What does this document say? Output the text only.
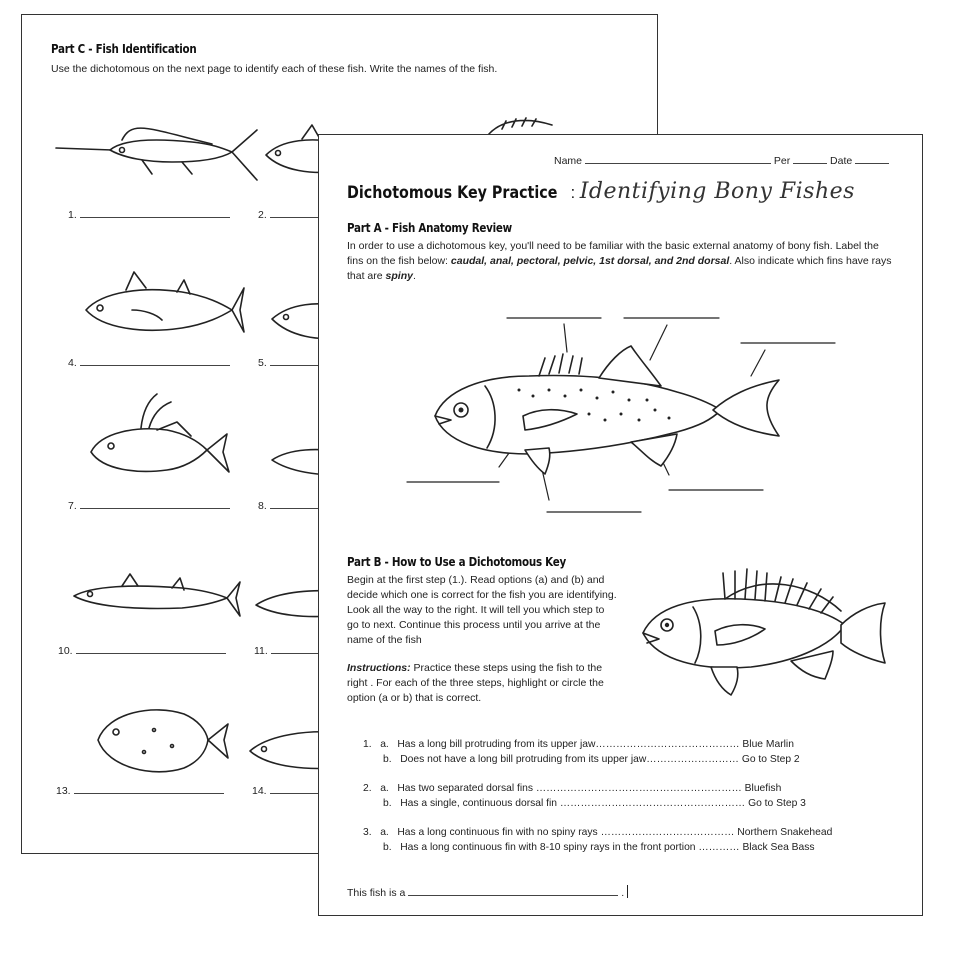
Part C - Fish Identification
Use the dichotomous on the next page to identify each of these fish. Write the names of the fish.
1.	2.
4.	5.
7.	8.
10.	11.
13.	14.
Name	Per	Date
Dichotomous Key Practice : Identifying Bony Fishes
Part A - Fish Anatomy Review
In order to use a dichotomous key, you'll need to be familiar with the basic external anatomy of bony fish. Label the fins on the fish below: caudal, anal, pectoral, pelvic, 1st dorsal, and 2nd dorsal. Also indicate which fins have rays that are spiny.
Part B - How to Use a Dichotomous Key
Begin at the first step (1.). Read options (a) and (b) and decide which one is correct for the fish you are identifying. Look all the way to the right. It will tell you which step to go to next. Continue this process until you arrive at the name of the fish
Instructions: Practice these steps using the fish to the right . For each of the three steps, highlight or circle the option (a or b) that is correct.
1. a. Has a long bill protruding from its upper jaw…………………………………… Blue Marlin
b. Does not have a long bill protruding from its upper jaw……………………… Go to Step 2
2. a. Has two separated dorsal fins …………………………………………………… Bluefish
b. Has a single, continuous dorsal fin ……………………………………………… Go to Step 3
3. a. Has a long continuous fin with no spiny rays ………………………………… Northern Snakehead
b. Has a long continuous fin with 8-10 spiny rays in the front portion ………… Black Sea Bass
This fish is a	.
